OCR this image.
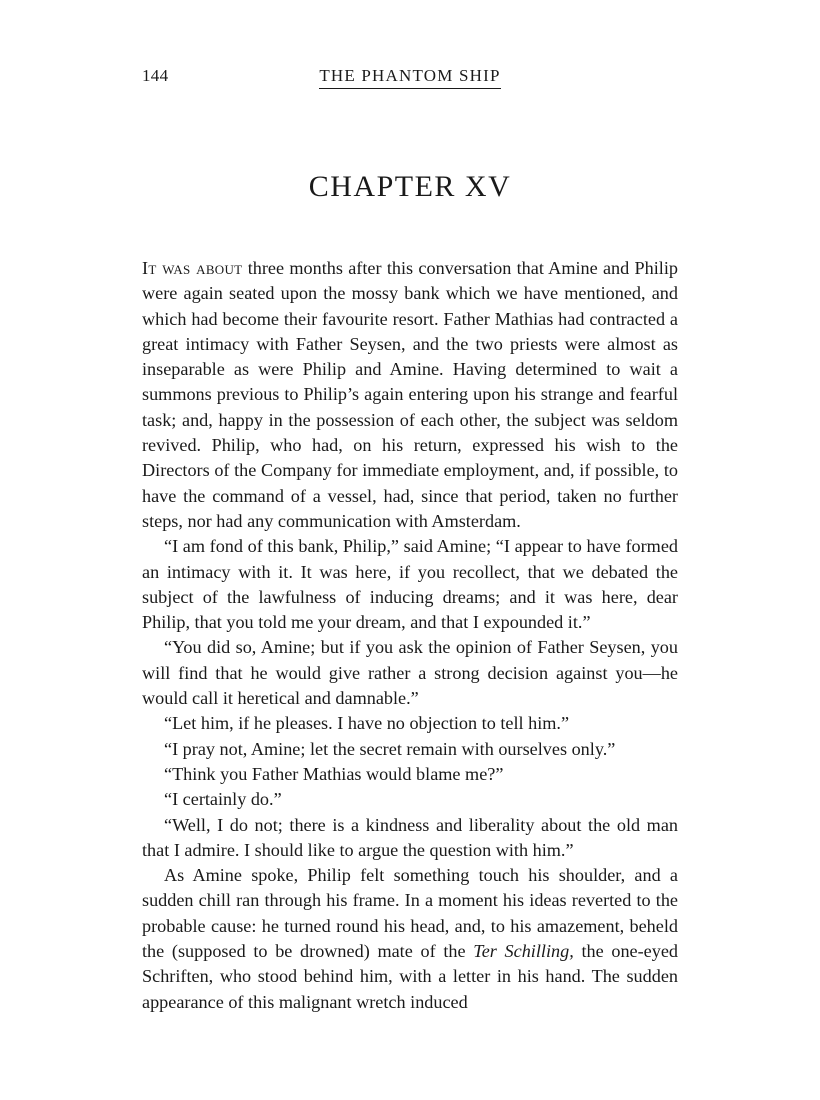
144	THE PHANTOM SHIP
CHAPTER XV

It was about three months after this conversation that Amine and Philip were again seated upon the mossy bank which we have mentioned, and which had become their favourite resort. Father Mathias had contracted a great intimacy with Father Seysen, and the two priests were almost as inseparable as were Philip and Amine. Having determined to wait a summons previous to Philip’s again entering upon his strange and fearful task; and, happy in the possession of each other, the subject was seldom revived. Philip, who had, on his return, expressed his wish to the Directors of the Company for immediate employment, and, if possible, to have the command of a vessel, had, since that period, taken no further steps, nor had any communication with Amsterdam.

“I am fond of this bank, Philip,” said Amine; “I appear to have formed an intimacy with it. It was here, if you recollect, that we debated the subject of the lawfulness of inducing dreams; and it was here, dear Philip, that you told me your dream, and that I expounded it.”

“You did so, Amine; but if you ask the opinion of Father Seysen, you will find that he would give rather a strong decision against you—he would call it heretical and damnable.”

“Let him, if he pleases. I have no objection to tell him.”

“I pray not, Amine; let the secret remain with ourselves only.”

“Think you Father Mathias would blame me?”

“I certainly do.”

“Well, I do not; there is a kindness and liberality about the old man that I admire. I should like to argue the question with him.”

As Amine spoke, Philip felt something touch his shoulder, and a sudden chill ran through his frame. In a moment his ideas reverted to the probable cause: he turned round his head, and, to his amazement, beheld the (supposed to be drowned) mate of the Ter Schilling, the one-eyed Schriften, who stood behind him, with a letter in his hand. The sudden appearance of this malignant wretch induced
